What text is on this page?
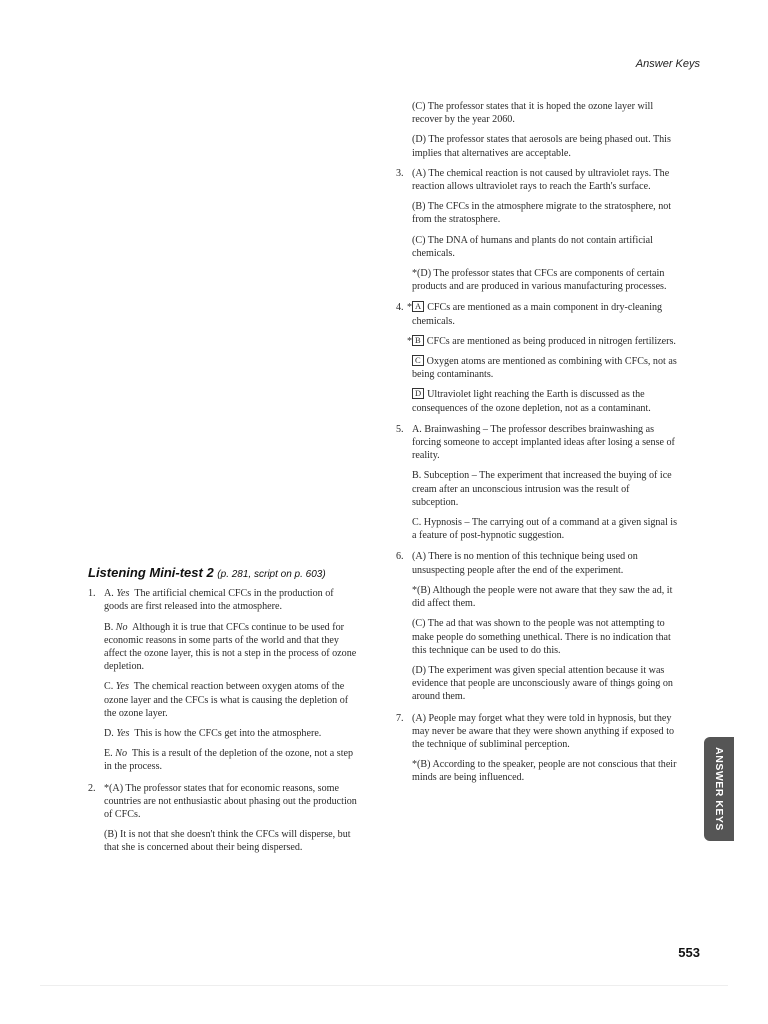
Answer Keys
Listening Mini-test 2 (p. 281, script on p. 603)
1. A. Yes The artificial chemical CFCs in the production of goods are first released into the atmosphere.
B. No Although it is true that CFCs continue to be used for economic reasons in some parts of the world and that they affect the ozone layer, this is not a step in the process of ozone depletion.
C. Yes The chemical reaction between oxygen atoms of the ozone layer and the CFCs is what is causing the depletion of the ozone layer.
D. Yes This is how the CFCs get into the atmosphere.
E. No This is a result of the depletion of the ozone, not a step in the process.
2. *(A) The professor states that for economic reasons, some countries are not enthusiastic about phasing out the production of CFCs.
(B) It is not that she doesn't think the CFCs will disperse, but that she is concerned about their being dispersed.
(C) The professor states that it is hoped the ozone layer will recover by the year 2060.
(D) The professor states that aerosols are being phased out. This implies that alternatives are acceptable.
3. (A) The chemical reaction is not caused by ultraviolet rays. The reaction allows ultraviolet rays to reach the Earth's surface.
(B) The CFCs in the atmosphere migrate to the stratosphere, not from the stratosphere.
(C) The DNA of humans and plants do not contain artificial chemicals.
*(D) The professor states that CFCs are components of certain products and are produced in various manufacturing processes.
4. * A CFCs are mentioned as a main component in dry-cleaning chemicals.
* B CFCs are mentioned as being produced in nitrogen fertilizers.
C Oxygen atoms are mentioned as combining with CFCs, not as being contaminants.
D Ultraviolet light reaching the Earth is discussed as the consequences of the ozone depletion, not as a contaminant.
5. A. Brainwashing – The professor describes brainwashing as forcing someone to accept implanted ideas after losing a sense of reality.
B. Subception – The experiment that increased the buying of ice cream after an unconscious intrusion was the result of subception.
C. Hypnosis – The carrying out of a command at a given signal is a feature of post-hypnotic suggestion.
6. (A) There is no mention of this technique being used on unsuspecting people after the end of the experiment.
*(B) Although the people were not aware that they saw the ad, it did affect them.
(C) The ad that was shown to the people was not attempting to make people do something unethical. There is no indication that this technique can be used to do this.
(D) The experiment was given special attention because it was evidence that people are unconsciously aware of things going on around them.
7. (A) People may forget what they were told in hypnosis, but they may never be aware that they were shown anything if exposed to the technique of subliminal perception.
*(B) According to the speaker, people are not conscious that their minds are being influenced.	ANSWER KEYS
553
